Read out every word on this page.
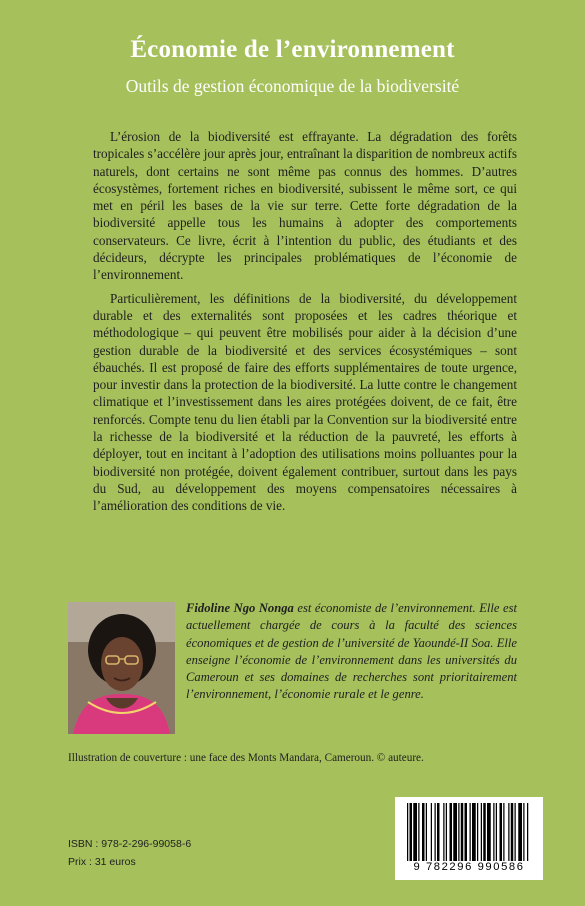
Économie de l’environnement
Outils de gestion économique de la biodiversité

L’érosion de la biodiversité est effrayante. La dégradation des forêts tropicales s’accélère jour après jour, entraînant la disparition de nombreux actifs naturels, dont certains ne sont même pas connus des hommes. D’autres écosystèmes, fortement riches en biodiversité, subissent le même sort, ce qui met en péril les bases de la vie sur terre. Cette forte dégradation de la biodiversité appelle tous les humains à adopter des comportements conservateurs. Ce livre, écrit à l’intention du public, des étudiants et des décideurs, décrypte les principales problématiques de l’économie de l’environnement.

Particulièrement, les définitions de la biodiversité, du développement durable et des externalités sont proposées et les cadres théorique et méthodologique – qui peuvent être mobilisés pour aider à la décision d’une gestion durable de la biodiversité et des services écosystémiques – sont ébauchés. Il est proposé de faire des efforts supplémentaires de toute urgence, pour investir dans la protection de la biodiversité. La lutte contre le changement climatique et l’investissement dans les aires protégées doivent, de ce fait, être renforcés. Compte tenu du lien établi par la Convention sur la biodiversité entre la richesse de la biodiversité et la réduction de la pauvreté, les efforts à déployer, tout en incitant à l’adoption des utilisations moins polluantes pour la biodiversité non protégée, doivent également contribuer, surtout dans les pays du Sud, au développement des moyens compensatoires nécessaires à l’amélioration des conditions de vie.

Fidoline Ngo Nonga est économiste de l’environnement. Elle est actuellement chargée de cours à la faculté des sciences économiques et de gestion de l’université de Yaoundé-II Soa. Elle enseigne l’économie de l’environnement dans les universités du Cameroun et ses domaines de recherches sont prioritairement l’environnement, l’économie rurale et le genre.
Illustration de couverture : une face des Monts Mandara, Cameroun. © auteure.
ISBN : 978-2-296-99058-6
Prix : 31 euros	9 782296 990586
